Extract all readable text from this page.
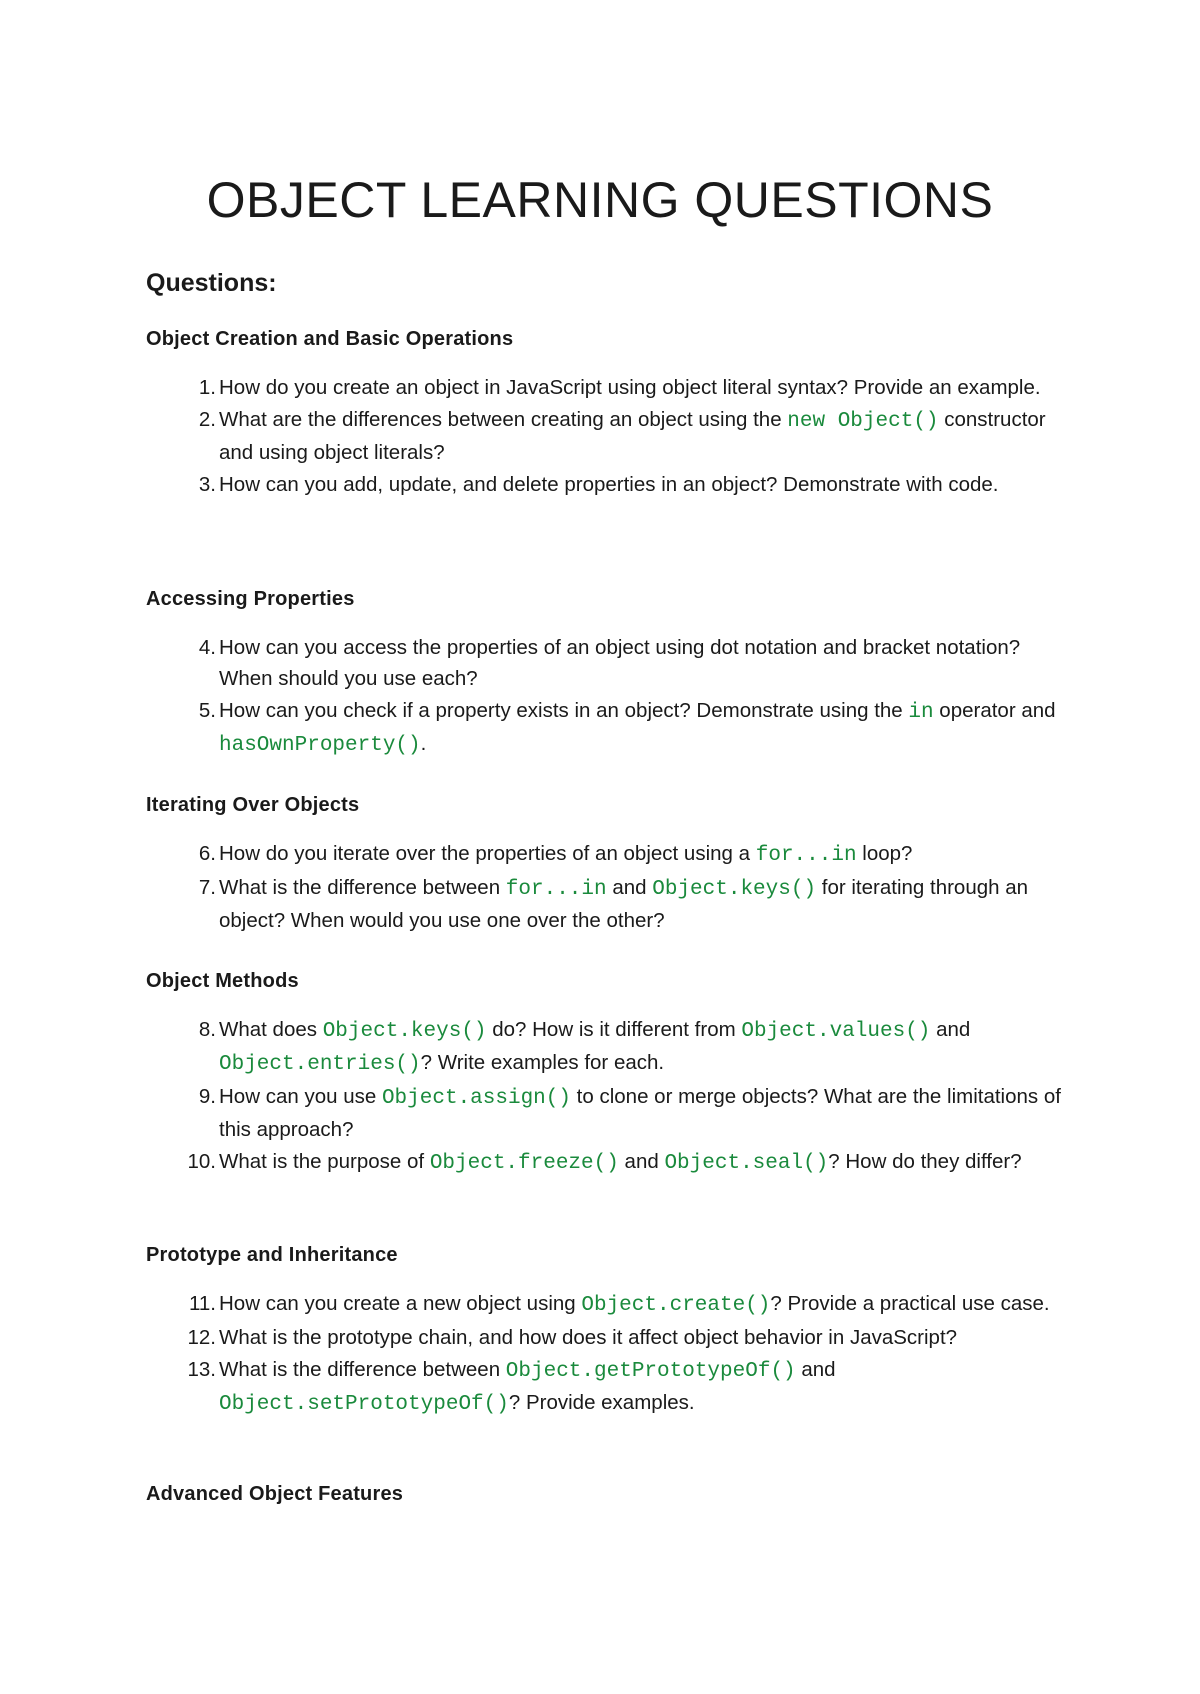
OBJECT LEARNING QUESTIONS
Questions:
Object Creation and Basic Operations
1. How do you create an object in JavaScript using object literal syntax? Provide an example.
2. What are the differences between creating an object using the new Object() constructor and using object literals?
3. How can you add, update, and delete properties in an object? Demonstrate with code.
Accessing Properties
4. How can you access the properties of an object using dot notation and bracket notation? When should you use each?
5. How can you check if a property exists in an object? Demonstrate using the in operator and hasOwnProperty().
Iterating Over Objects
6. How do you iterate over the properties of an object using a for...in loop?
7. What is the difference between for...in and Object.keys() for iterating through an object? When would you use one over the other?
Object Methods
8. What does Object.keys() do? How is it different from Object.values() and Object.entries()? Write examples for each.
9. How can you use Object.assign() to clone or merge objects? What are the limitations of this approach?
10. What is the purpose of Object.freeze() and Object.seal()? How do they differ?
Prototype and Inheritance
11. How can you create a new object using Object.create()? Provide a practical use case.
12. What is the prototype chain, and how does it affect object behavior in JavaScript?
13. What is the difference between Object.getPrototypeOf() and Object.setPrototypeOf()? Provide examples.
Advanced Object Features
